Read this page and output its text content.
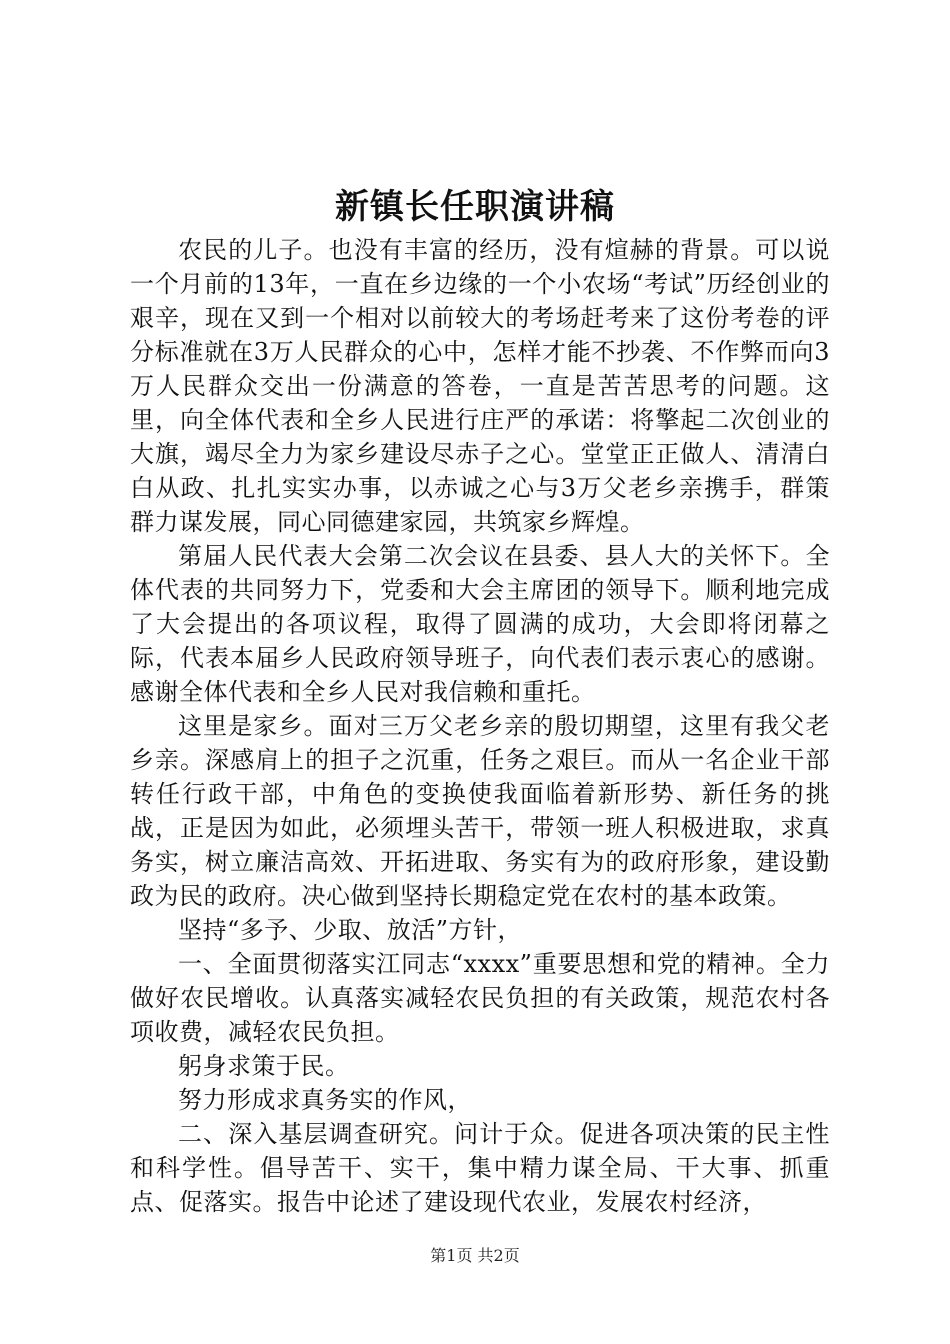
新镇长任职演讲稿

农民的儿子。也没有丰富的经历，没有煊赫的背景。可以说一个月前的13年，一直在乡边缘的一个小农场“考试”历经创业的艰辛，现在又到一个相对以前较大的考场赶考来了这份考卷的评分标准就在3万人民群众的心中，怎样才能不抄袭、不作弊而向3万人民群众交出一份满意的答卷，一直是苦苦思考的问题。这里，向全体代表和全乡人民进行庄严的承诺：将擎起二次创业的大旗，竭尽全力为家乡建设尽赤子之心。堂堂正正做人、清清白白从政、扎扎实实办事，以赤诚之心与3万父老乡亲携手，群策群力谋发展，同心同德建家园，共筑家乡辉煌。

第届人民代表大会第二次会议在县委、县人大的关怀下。全体代表的共同努力下，党委和大会主席团的领导下。顺利地完成了大会提出的各项议程，取得了圆满的成功，大会即将闭幕之际，代表本届乡人民政府领导班子，向代表们表示衷心的感谢。感谢全体代表和全乡人民对我信赖和重托。

这里是家乡。面对三万父老乡亲的殷切期望，这里有我父老乡亲。深感肩上的担子之沉重，任务之艰巨。而从一名企业干部转任行政干部，中角色的变换使我面临着新形势、新任务的挑战，正是因为如此，必须埋头苦干，带领一班人积极进取，求真务实，树立廉洁高效、开拓进取、务实有为的政府形象，建设勤政为民的政府。决心做到坚持长期稳定党在农村的基本政策。

坚持“多予、少取、放活”方针，

一、全面贯彻落实江同志“xxxx”重要思想和党的精神。全力做好农民增收。认真落实减轻农民负担的有关政策，规范农村各项收费，减轻农民负担。

躬身求策于民。

努力形成求真务实的作风，

二、深入基层调查研究。问计于众。促进各项决策的民主性和科学性。倡导苦干、实干，集中精力谋全局、干大事、抓重点、促落实。报告中论述了建设现代农业，发展农村经济，

第1页 共2页
